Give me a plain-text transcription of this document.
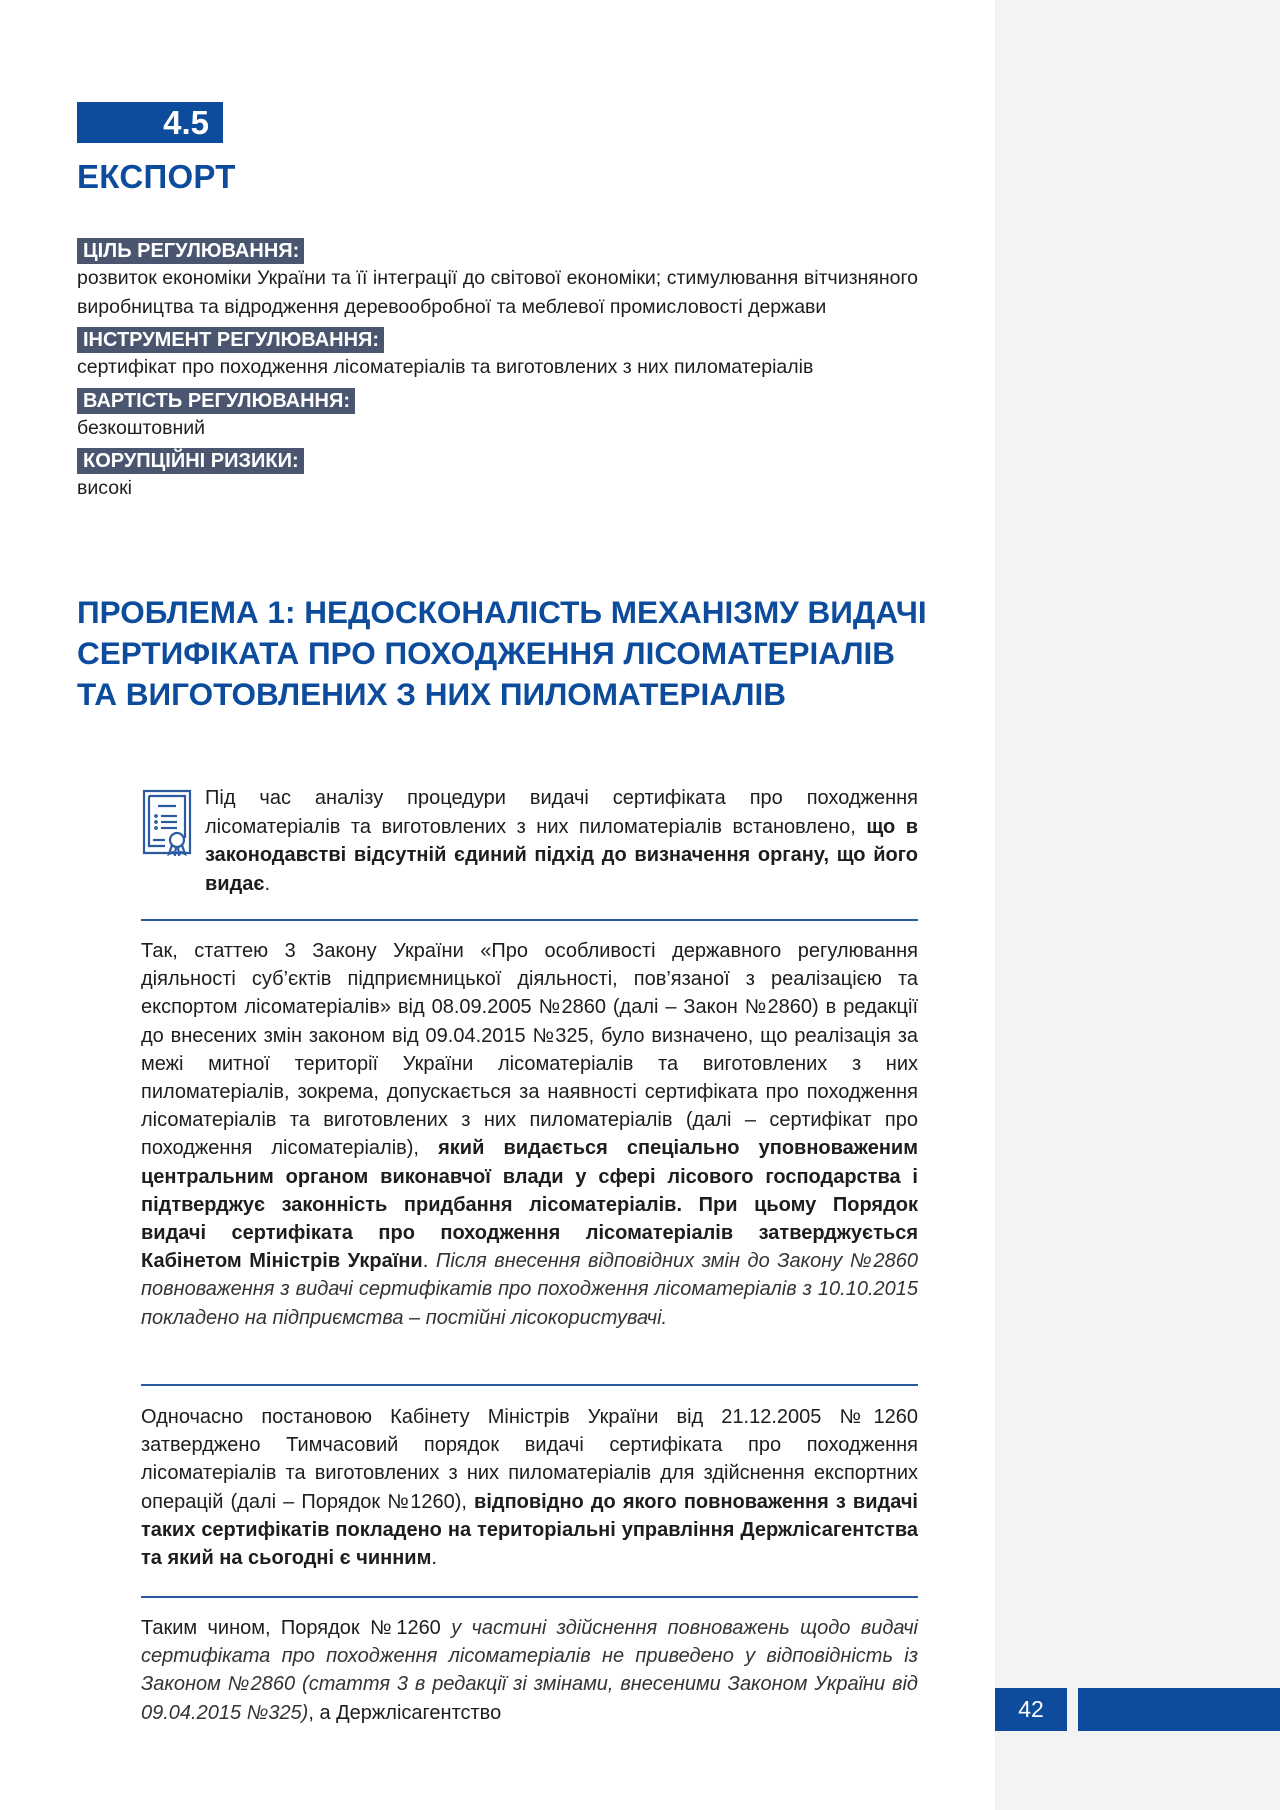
4.5
ЕКСПОРТ

ЦІЛЬ РЕГУЛЮВАННЯ:

розвиток економіки України та її інтеграції до світової економіки; стимулювання вітчизняного виробництва та відродження деревообробної та меблевої промисловості держави

ІНСТРУМЕНТ РЕГУЛЮВАННЯ:

сертифікат про походження лісоматеріалів та виготовлених з них пиломатеріалів

ВАРТІСТЬ РЕГУЛЮВАННЯ:

безкоштовний

КОРУПЦІЙНІ РИЗИКИ:

високі

ПРОБЛЕМА 1: НЕДОСКОНАЛІСТЬ МЕХАНІЗМУ ВИДАЧІ СЕРТИФІКАТА ПРО ПОХОДЖЕННЯ ЛІСОМАТЕРІАЛІВ ТА ВИГОТОВЛЕНИХ З НИХ ПИЛОМАТЕРІАЛІВ

Під час аналізу процедури видачі сертифіката про походження лісоматеріалів та виготовлених з них пиломатеріалів встановлено, що в законодавстві відсутній єдиний підхід до визначення органу, що його видає.

Так, статтею 3 Закону України «Про особливості державного регулювання діяльності суб’єктів підприємницької діяльності, пов’язаної з реалізацією та експортом лісоматеріалів» від 08.09.2005 №2860 (далі – Закон №2860) в редакції до внесених змін законом від 09.04.2015 №325, було визначено, що реалізація за межі митної території України лісоматеріалів та виготовлених з них пиломатеріалів, зокрема, допускається за наявності сертифіката про походження лісоматеріалів та виготовлених з них пиломатеріалів (далі – сертифікат про походження лісоматеріалів), який видається спеціально уповноваженим центральним органом виконавчої влади у сфері лісового господарства і підтверджує законність придбання лісоматеріалів. При цьому Порядок видачі сертифіката про походження лісоматеріалів затверджується Кабінетом Міністрів України. Після внесення відповідних змін до Закону №2860 повноваження з видачі сертифікатів про походження лісоматеріалів з 10.10.2015 покладено на підприємства – постійні лісокористувачі.

Одночасно постановою Кабінету Міністрів України від 21.12.2005 №1260 затверджено Тимчасовий порядок видачі сертифіката про походження лісоматеріалів та виготовлених з них пиломатеріалів для здійснення експортних операцій (далі – Порядок №1260), відповідно до якого повноваження з видачі таких сертифікатів покладено на територіальні управління Держлісагентства та який на сьогодні є чинним.

Таким чином, Порядок №1260 у частині здійснення повноважень щодо видачі сертифіката про походження лісоматеріалів не приведено у відповідність із Законом №2860 (стаття 3 в редакції зі змінами, внесеними Законом України від 09.04.2015 №325), а Держлісагентство	42
